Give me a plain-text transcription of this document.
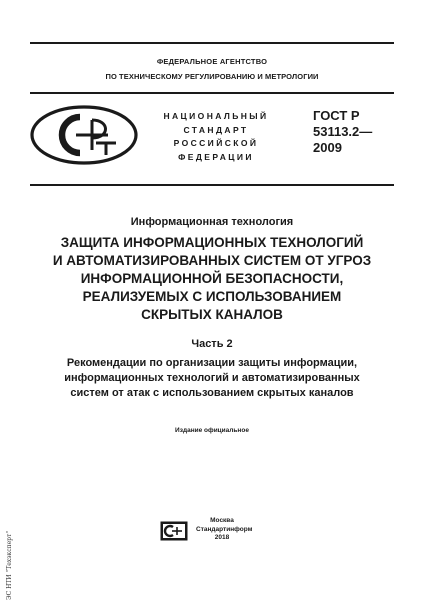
ФЕДЕРАЛЬНОЕ АГЕНТСТВО
ПО ТЕХНИЧЕСКОМУ РЕГУЛИРОВАНИЮ И МЕТРОЛОГИИ
НАЦИОНАЛЬНЫЙ
СТАНДАРТ
РОССИЙСКОЙ
ФЕДЕРАЦИИ
ГОСТ Р
53113.2—
2009
Информационная технология
ЗАЩИТА ИНФОРМАЦИОННЫХ ТЕХНОЛОГИЙ
И АВТОМАТИЗИРОВАННЫХ СИСТЕМ ОТ УГРОЗ
ИНФОРМАЦИОННОЙ БЕЗОПАСНОСТИ,
РЕАЛИЗУЕМЫХ С ИСПОЛЬЗОВАНИЕМ
СКРЫТЫХ КАНАЛОВ
Часть 2
Рекомендации по организации защиты информации,
информационных технологий и автоматизированных
систем от атак с использованием скрытых каналов
Издание официальное
Москва
Стандартинформ
2018
ЭС НТИ "Техэксперт"
